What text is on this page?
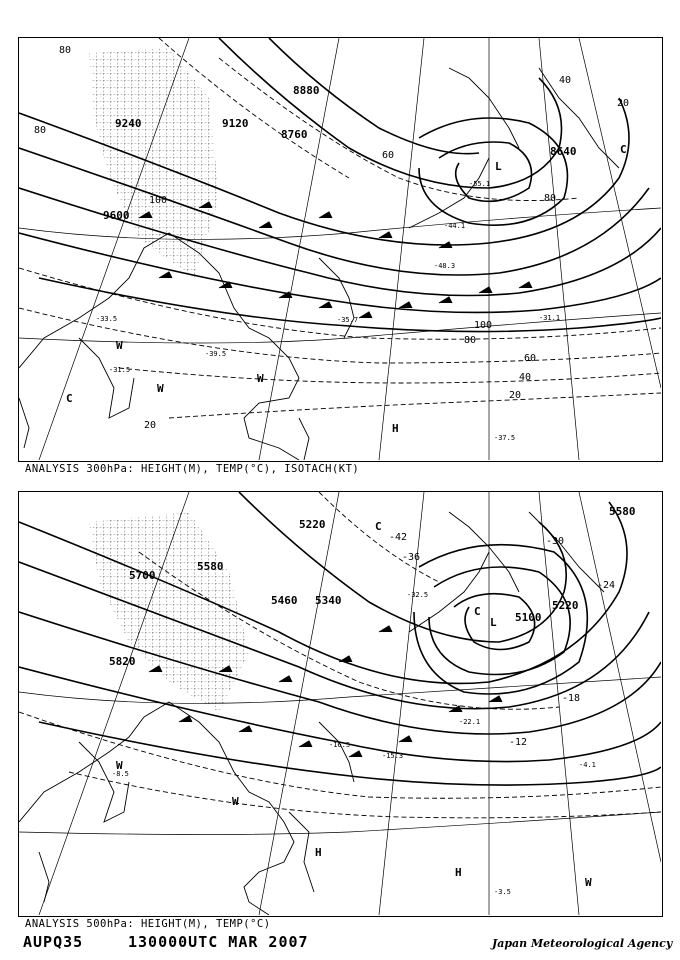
9120
9240
9600
8640
8760
8880
20
40
60
80
100
20
80
80
100
60
40
20
80
C
W
W
W
H
L
C
-39.5
-33.5	-35.7
-44.1
-48.3
-55.1
-37.5
-31.5
-31.1
ANALYSIS 300hPa: HEIGHT(M), TEMP(°C), ISOTACH(KT)
5220
5580
5700
5820
5460 5340
5100
5220
5580
-42
-36
-30
-24
-18
-12
C
W
W
H
H
W
L
C
-15.3
-22.1
-8.5
-3.5
-32.5
-16.5
-4.1
ANALYSIS 500hPa: HEIGHT(M), TEMP(°C)
AUPQ35	130000UTC MAR 2007	Japan Meteorological Agency
